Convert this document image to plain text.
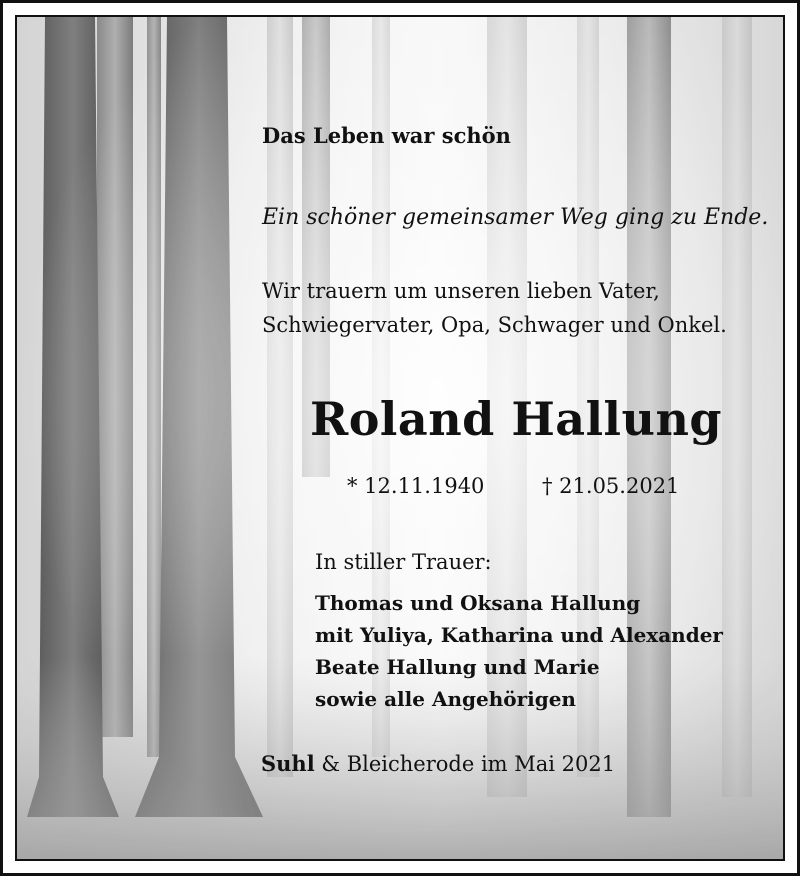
Das Leben war schön
Ein schöner gemeinsamer Weg ging zu Ende.
Wir trauern um unseren lieben Vater,
Schwiegervater, Opa, Schwager und Onkel.
Roland Hallung
* 12.11.1940	† 21.05.2021
In stiller Trauer:
Thomas und Oksana Hallung
mit Yuliya, Katharina und Alexander
Beate Hallung und Marie
sowie alle Angehörigen
Suhl & Bleicherode im Mai 2021
